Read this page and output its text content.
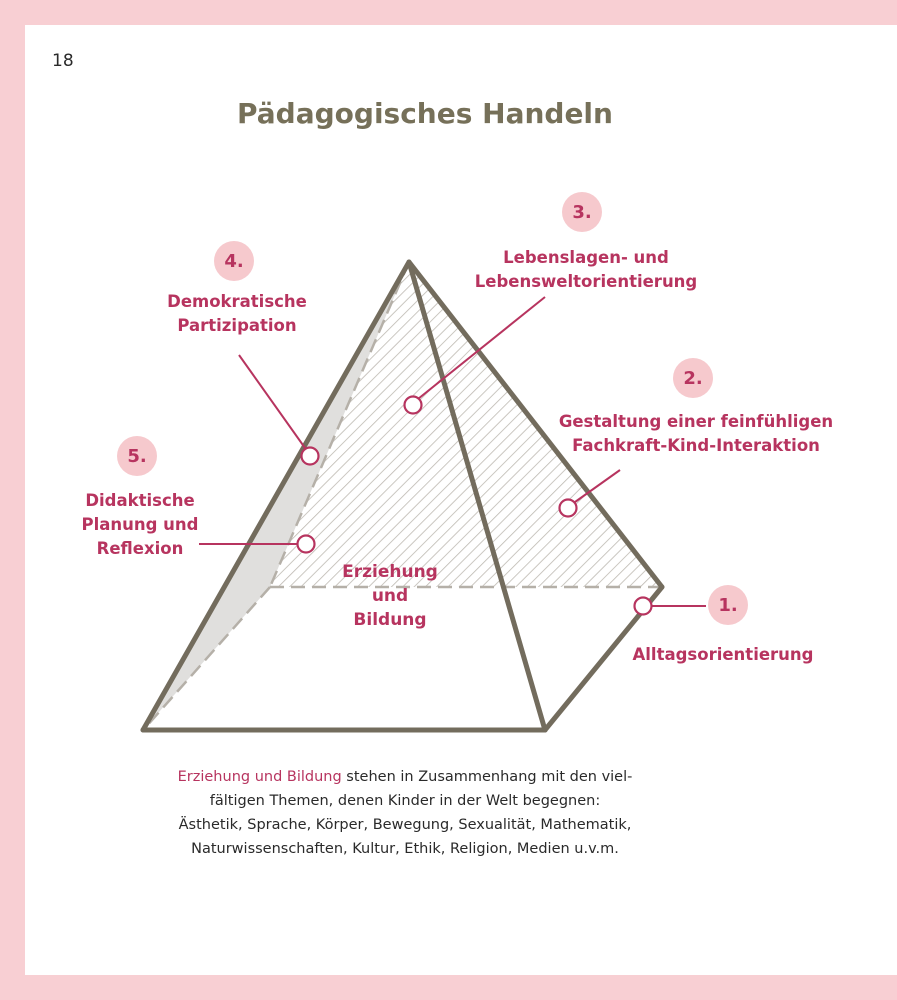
18
Pädagogisches Handeln
1.
2.
3.
4.
5.
Alltagsorientierung
Gestaltung einer feinfühligen
Fachkraft-Kind-Interaktion
Lebenslagen- und
Lebensweltorientierung
Demokratische
Partizipation
Didaktische
Planung und
Reflexion
Erziehung
und
Bildung
Erziehung und Bildung stehen in Zusammenhang mit den viel-
fältigen Themen, denen Kinder in der Welt begegnen:
Ästhetik, Sprache, Körper, Bewegung, Sexualität, Mathematik,
Naturwissenschaften, Kultur, Ethik, Religion, Medien u.v.m.
